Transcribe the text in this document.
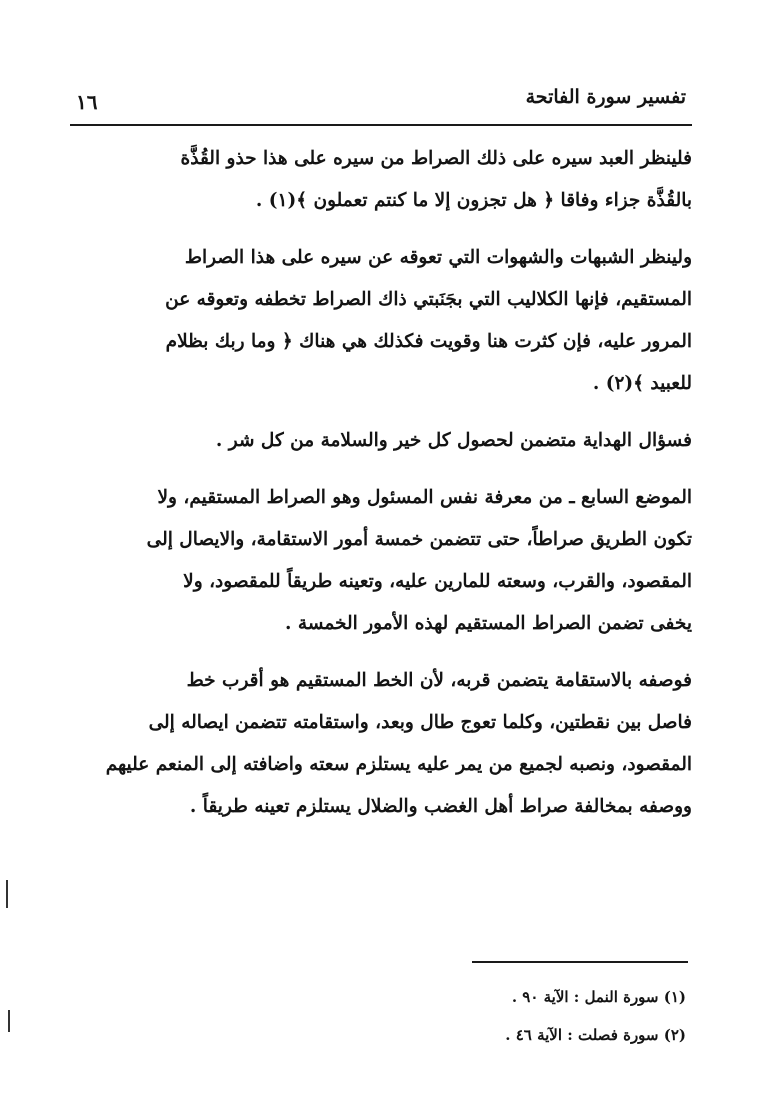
تفسير سورة الفاتحة
١٦

فلينظر العبد سيره على ذلك الصراط من سيره على هذا حذو القُذَّة

بالقُذَّة جزاء وفاقا ﴿ هل تجزون إلا ما كنتم تعملون ﴾(١) .

ولينظر الشبهات والشهوات التي تعوقه عن سيره على هذا الصراط

المستقيم، فإنها الكلاليب التي بجَنَبتي ذاك الصراط تخطفه وتعوقه عن

المرور عليه، فإن كثرت هنا وقويت فكذلك هي هناك ﴿ وما ربك بظلام

للعبيد ﴾(٢) .

فسؤال الهداية متضمن لحصول كل خير والسلامة من كل شر .

الموضع السابع ـ من معرفة نفس المسئول وهو الصراط المستقيم، ولا

تكون الطريق صراطاً، حتى تتضمن خمسة أمور الاستقامة، والايصال إلى

المقصود، والقرب، وسعته للمارين عليه، وتعينه طريقاً للمقصود، ولا

يخفى تضمن الصراط المستقيم لهذه الأمور الخمسة .

فوصفه بالاستقامة يتضمن قربه، لأن الخط المستقيم هو أقرب خط

فاصل بين نقطتين، وكلما تعوج طال وبعد، واستقامته تتضمن ايصاله إلى

المقصود، ونصبه لجميع من يمر عليه يستلزم سعته واضافته إلى المنعم عليهم

ووصفه بمخالفة صراط أهل الغضب والضلال يستلزم تعينه طريقاً .

(١) سورة النمل : الآية ٩٠ .

(٢) سورة فصلت : الآية ٤٦ .
